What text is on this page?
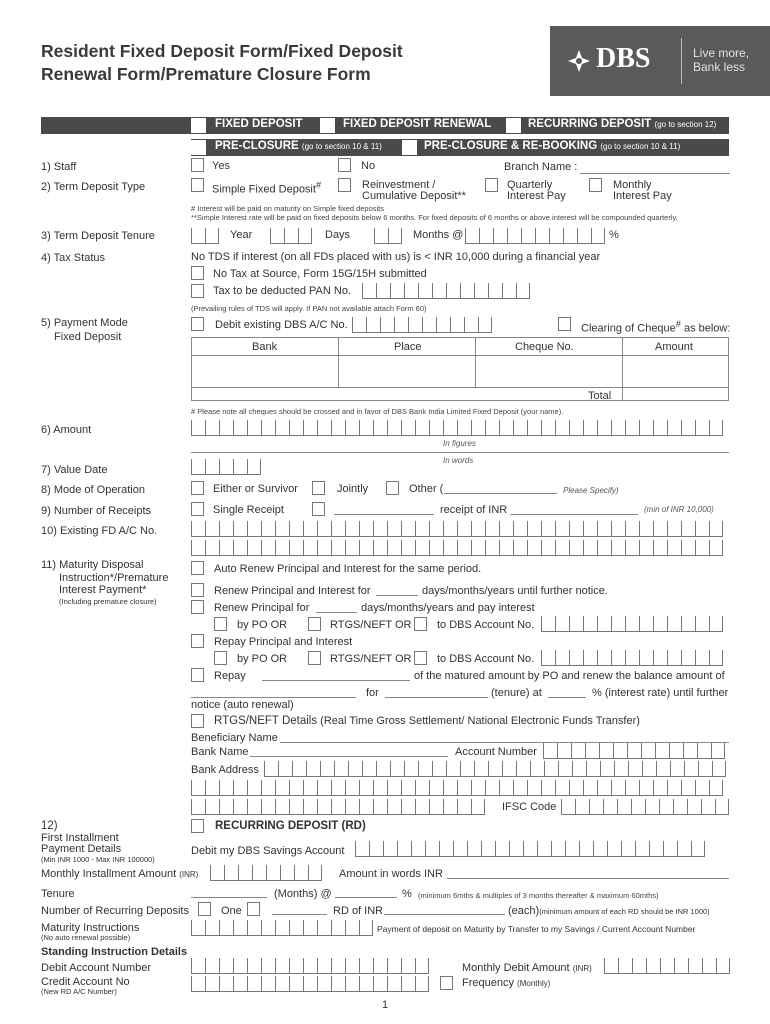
Resident Fixed Deposit Form/Fixed Deposit
Renewal Form/Premature Closure Form	DBS	Live more,
Bank less
FIXED DEPOSIT	FIXED DEPOSIT RENEWAL	RECURRING DEPOSIT (go to section 12)
PRE-CLOSURE (go to section 10 & 11)	PRE-CLOSURE & RE-BOOKING (go to section 10 & 11)
1) Staff	Yes	No	Branch Name :
2) Term Deposit Type	Simple Fixed Deposit#	Reinvestment /
Cumulative Deposit**
Quarterly
Interest Pay
Monthly
Interest Pay
# Interest will be paid on maturity on Simple fixed deposits
**Simple Interest rate will be paid on fixed deposits below 6 months. For fixed deposits of 6 months or above interest will be compounded quarterly.
3) Term Deposit Tenure	Year	Days	Months @	%
4) Tax Status	No TDS if interest (on all FDs placed with us) is < INR 10,000 during a financial year
No Tax at Source, Form 15G/15H submitted
Tax to be deducted PAN No.
(Prevailing rules of TDS will apply. If PAN not available attach Form 60)
5) Payment Mode
Fixed Deposit
Debit existing DBS A/C No.	Clearing of Cheque# as below:
Bank	Place	Cheque No.	Amount
Total
# Please note all cheques should be crossed and in favor of DBS Bank India Limited Fixed Deposit (your name).
6) Amount
In figures
In words
7) Value Date
8) Mode of Operation	Either or Survivor	Jointly	Other (	Please Specify)
9) Number of Receipts	Single Receipt	receipt of INR	(min of INR 10,000)
10) Existing FD A/C No.
11) Maturity Disposal
Instruction*/Premature
Interest Payment*
(Including premature closure)
Auto Renew Principal and Interest for the same period.
Renew Principal and Interest for	days/months/years until further notice.
Renew Principal for	days/months/years and pay interest
by PO OR	RTGS/NEFT OR to DBS Account No.
Repay Principal and Interest
by PO OR	RTGS/NEFT OR to DBS Account No.
Repay	of the matured amount by PO and renew the balance amount of
for	(tenure) at	% (interest rate) until further
notice (auto renewal)
RTGS/NEFT Details (Real Time Gross Settlement/ National Electronic Funds Transfer)
Beneficiary Name
Bank Name	Account Number
Bank Address
IFSC Code
12)
First Installment
Payment Details
(Min INR 1000 - Max INR 100000)
RECURRING DEPOSIT (RD)
Debit my DBS Savings Account
Monthly Installment Amount (INR)	Amount in words INR
Tenure	(Months) @	% (minimum 6mths & multiples of 3 months thereafter & maximum 60mths)
Number of Recurring Deposits	One	RD of INR	(each)(minimum amount of each RD should be INR 1000)
Maturity Instructions
(No auto renewal possible)
Payment of deposit on Maturity by Transfer to my Savings / Current Account Number
Standing Instruction Details
Debit Account Number	Monthly Debit Amount (INR)
Credit Account No
(New RD A/C Number)
Frequency (Monthly)
1
